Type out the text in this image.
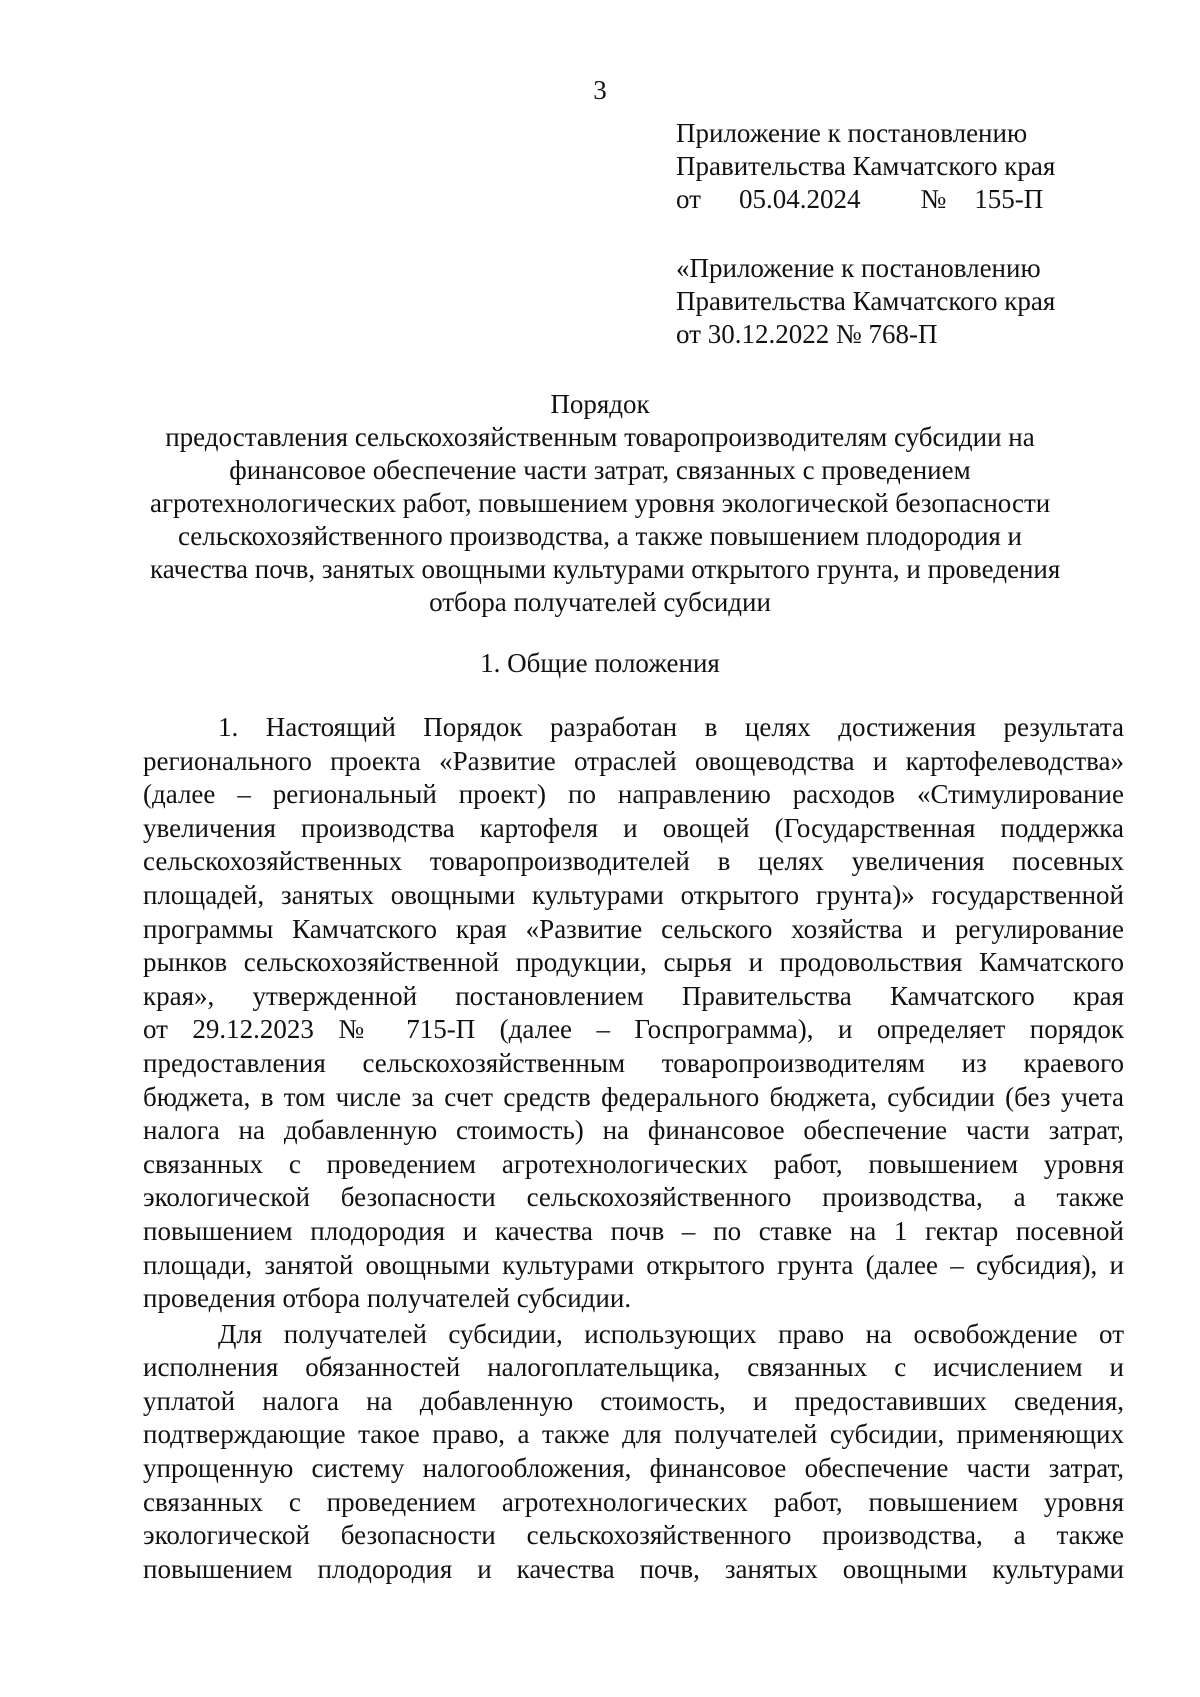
3
Приложение к постановлению
Правительства Камчатского края
от 05.04.2024 № 155-П
«Приложение к постановлению
Правительства Камчатского края
от 30.12.2022 № 768-П
Порядок
предоставления сельскохозяйственным товаропроизводителям субсидии на
финансовое обеспечение части затрат, связанных с проведением
агротехнологических работ, повышением уровня экологической безопасности
сельскохозяйственного производства, а также повышением плодородия и
качества почв, занятых овощными культурами открытого грунта, и проведения
отбора получателей субсидии
1. Общие положения
1. Настоящий Порядок разработан в целях достижения результата
регионального проекта «Развитие отраслей овощеводства и картофелеводства»
(далее – региональный проект) по направлению расходов «Стимулирование
увеличения производства картофеля и овощей (Государственная поддержка
сельскохозяйственных товаропроизводителей в целях увеличения посевных
площадей, занятых овощными культурами открытого грунта)» государственной
программы Камчатского края «Развитие сельского хозяйства и регулирование
рынков сельскохозяйственной продукции, сырья и продовольствия Камчатского
края», утвержденной постановлением Правительства Камчатского края
от 29.12.2023 № 715-П (далее – Госпрограмма), и определяет порядок
предоставления сельскохозяйственным товаропроизводителям из краевого
бюджета, в том числе за счет средств федерального бюджета, субсидии (без учета
налога на добавленную стоимость) на финансовое обеспечение части затрат,
связанных с проведением агротехнологических работ, повышением уровня
экологической безопасности сельскохозяйственного производства, а также
повышением плодородия и качества почв – по ставке на 1 гектар посевной
площади, занятой овощными культурами открытого грунта (далее – субсидия), и
проведения отбора получателей субсидии.
Для получателей субсидии, использующих право на освобождение от
исполнения обязанностей налогоплательщика, связанных с исчислением и
уплатой налога на добавленную стоимость, и предоставивших сведения,
подтверждающие такое право, а также для получателей субсидии, применяющих
упрощенную систему налогообложения, финансовое обеспечение части затрат,
связанных с проведением агротехнологических работ, повышением уровня
экологической безопасности сельскохозяйственного производства, а также
повышением плодородия и качества почв, занятых овощными культурами
